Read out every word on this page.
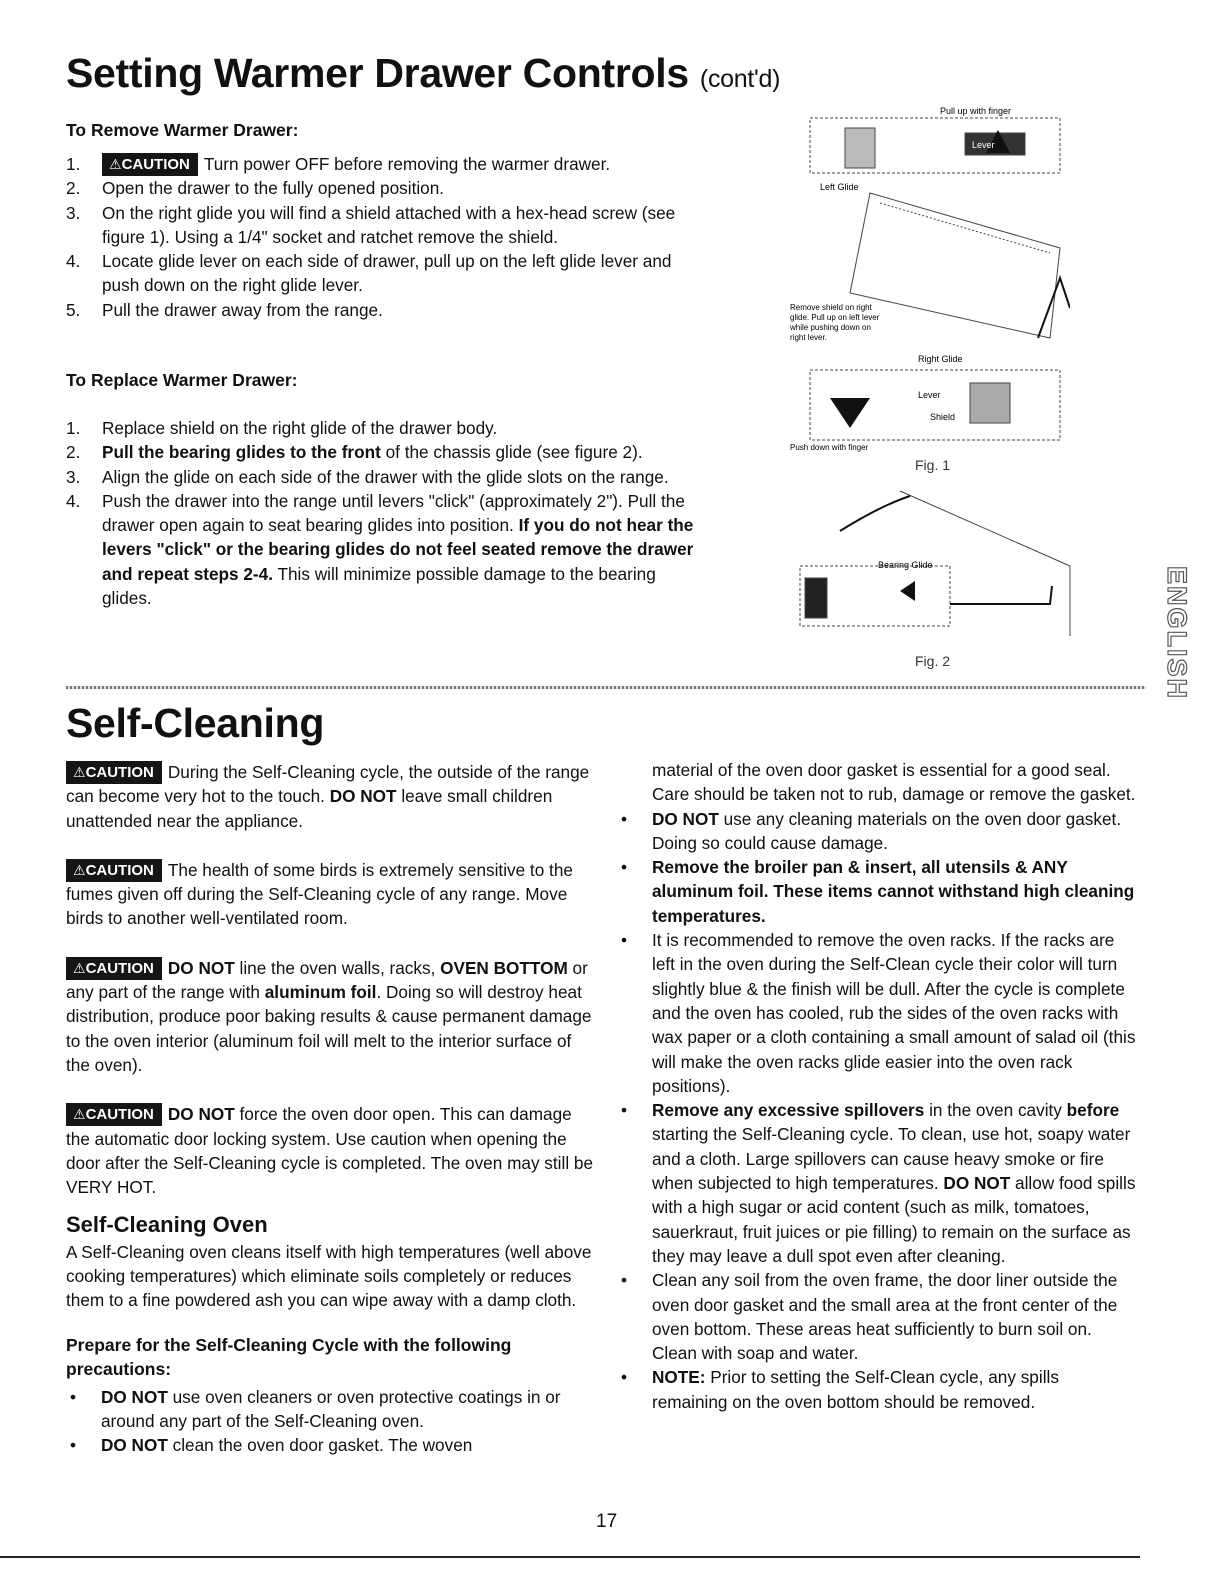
Setting Warmer Drawer Controls (cont'd)
To Remove Warmer Drawer:
1. ⚠CAUTION Turn power OFF before removing the warmer drawer.
2. Open the drawer to the fully opened position.
3. On the right glide you will find a shield attached with a hex-head screw (see figure 1). Using a 1/4" socket and ratchet remove the shield.
4. Locate glide lever on each side of drawer, pull up on the left glide lever and push down on the right glide lever.
5. Pull the drawer away from the range.
To Replace Warmer Drawer:
1. Replace shield on the right glide of the drawer body.
2. Pull the bearing glides to the front of the chassis glide (see figure 2).
3. Align the glide on each side of the drawer with the glide slots on the range.
4. Push the drawer into the range until levers "click" (approximately 2"). Pull the drawer open again to seat bearing glides into position. If you do not hear the levers "click" or the bearing glides do not feel seated remove the drawer and repeat steps 2-4. This will minimize possible damage to the bearing glides.
Pull up with finger
Lever
Left Glide
Remove shield on right
glide. Pull up on left lever
while pushing down on
right lever.
Right Glide
Lever
Shield
Push down with finger
Fig. 1
Bearing Glide
Fig. 2	ENGLISH
Self-Cleaning

⚠CAUTION During the Self-Cleaning cycle, the outside of the range can become very hot to the touch. DO NOT leave small children unattended near the appliance.

⚠CAUTION The health of some birds is extremely sensitive to the fumes given off during the Self-Cleaning cycle of any range. Move birds to another well-ventilated room.

⚠CAUTION DO NOT line the oven walls, racks, OVEN BOTTOM or any part of the range with aluminum foil. Doing so will destroy heat distribution, produce poor baking results & cause permanent damage to the oven interior (aluminum foil will melt to the interior surface of the oven).

⚠CAUTION DO NOT force the oven door open. This can damage the automatic door locking system. Use caution when opening the door after the Self-Cleaning cycle is completed. The oven may still be VERY HOT.

Self-Cleaning Oven

A Self-Cleaning oven cleans itself with high temperatures (well above cooking temperatures) which eliminate soils completely or reduces them to a fine powdered ash you can wipe away with a damp cloth.

Prepare for the Self-Cleaning Cycle with the following precautions:
• DO NOT use oven cleaners or oven protective coatings in or around any part of the Self-Cleaning oven.
• DO NOT clean the oven door gasket. The woven

material of the oven door gasket is essential for a good seal. Care should be taken not to rub, damage or remove the gasket.

• DO NOT use any cleaning materials on the oven door gasket. Doing so could cause damage.
• Remove the broiler pan & insert, all utensils & ANY aluminum foil. These items cannot withstand high cleaning temperatures.
• It is recommended to remove the oven racks. If the racks are left in the oven during the Self-Clean cycle their color will turn slightly blue & the finish will be dull. After the cycle is complete and the oven has cooled, rub the sides of the oven racks with wax paper or a cloth containing a small amount of salad oil (this will make the oven racks glide easier into the oven rack positions).
• Remove any excessive spillovers in the oven cavity before starting the Self-Cleaning cycle. To clean, use hot, soapy water and a cloth. Large spillovers can cause heavy smoke or fire when subjected to high temperatures. DO NOT allow food spills with a high sugar or acid content (such as milk, tomatoes, sauerkraut, fruit juices or pie filling) to remain on the surface as they may leave a dull spot even after cleaning.
• Clean any soil from the oven frame, the door liner outside the oven door gasket and the small area at the front center of the oven bottom. These areas heat sufficiently to burn soil on. Clean with soap and water.
• NOTE: Prior to setting the Self-Clean cycle, any spills remaining on the oven bottom should be removed.
17
